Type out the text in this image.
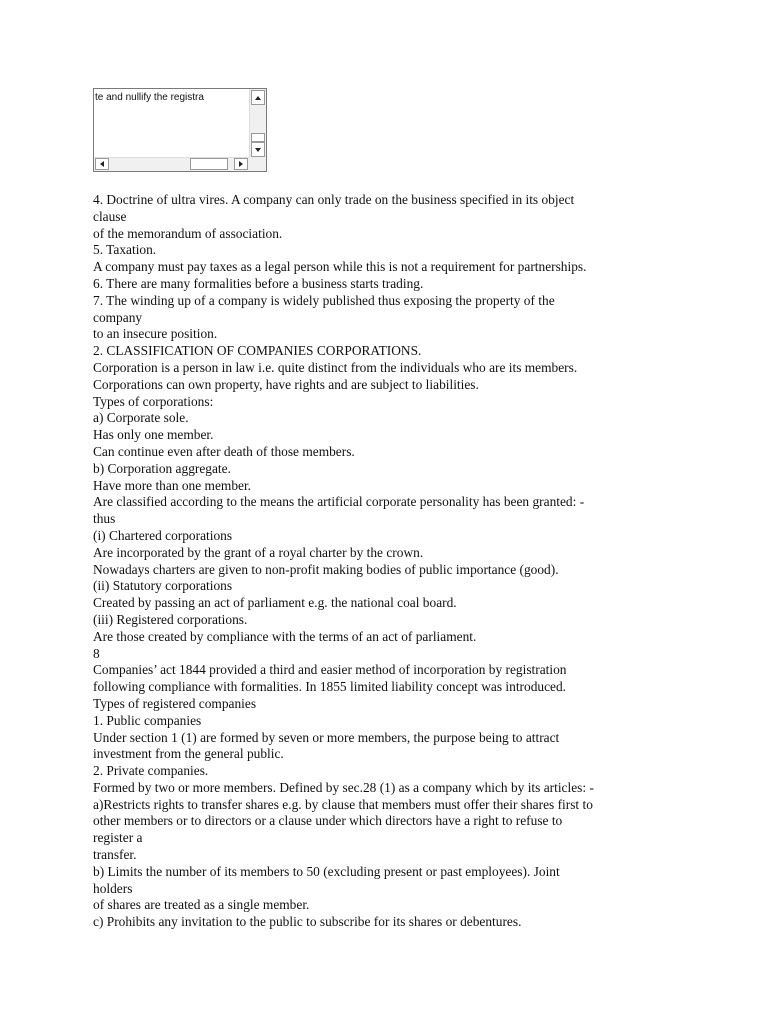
te and nullify the registra
4. Doctrine of ultra vires. A company can only trade on the business specified in its object
clause
of the memorandum of association.
5. Taxation.
A company must pay taxes as a legal person while this is not a requirement for partnerships.
6. There are many formalities before a business starts trading.
7. The winding up of a company is widely published thus exposing the property of the
company
to an insecure position.
2. CLASSIFICATION OF COMPANIES CORPORATIONS.
Corporation is a person in law i.e. quite distinct from the individuals who are its members.
Corporations can own property, have rights and are subject to liabilities.
Types of corporations:
a) Corporate sole.
Has only one member.
Can continue even after death of those members.
b) Corporation aggregate.
Have more than one member.
Are classified according to the means the artificial corporate personality has been granted: -
thus
(i) Chartered corporations
Are incorporated by the grant of a royal charter by the crown.
Nowadays charters are given to non-profit making bodies of public importance (good).
(ii) Statutory corporations
Created by passing an act of parliament e.g. the national coal board.
(iii) Registered corporations.
Are those created by compliance with the terms of an act of parliament.
8
Companies’ act 1844 provided a third and easier method of incorporation by registration
following compliance with formalities. In 1855 limited liability concept was introduced.
Types of registered companies
1. Public companies
Under section 1 (1) are formed by seven or more members, the purpose being to attract
investment from the general public.
2. Private companies.
Formed by two or more members. Defined by sec.28 (1) as a company which by its articles: -
a)Restricts rights to transfer shares e.g. by clause that members must offer their shares first to
other members or to directors or a clause under which directors have a right to refuse to
register a
transfer.
b) Limits the number of its members to 50 (excluding present or past employees). Joint
holders
of shares are treated as a single member.
c) Prohibits any invitation to the public to subscribe for its shares or debentures.
